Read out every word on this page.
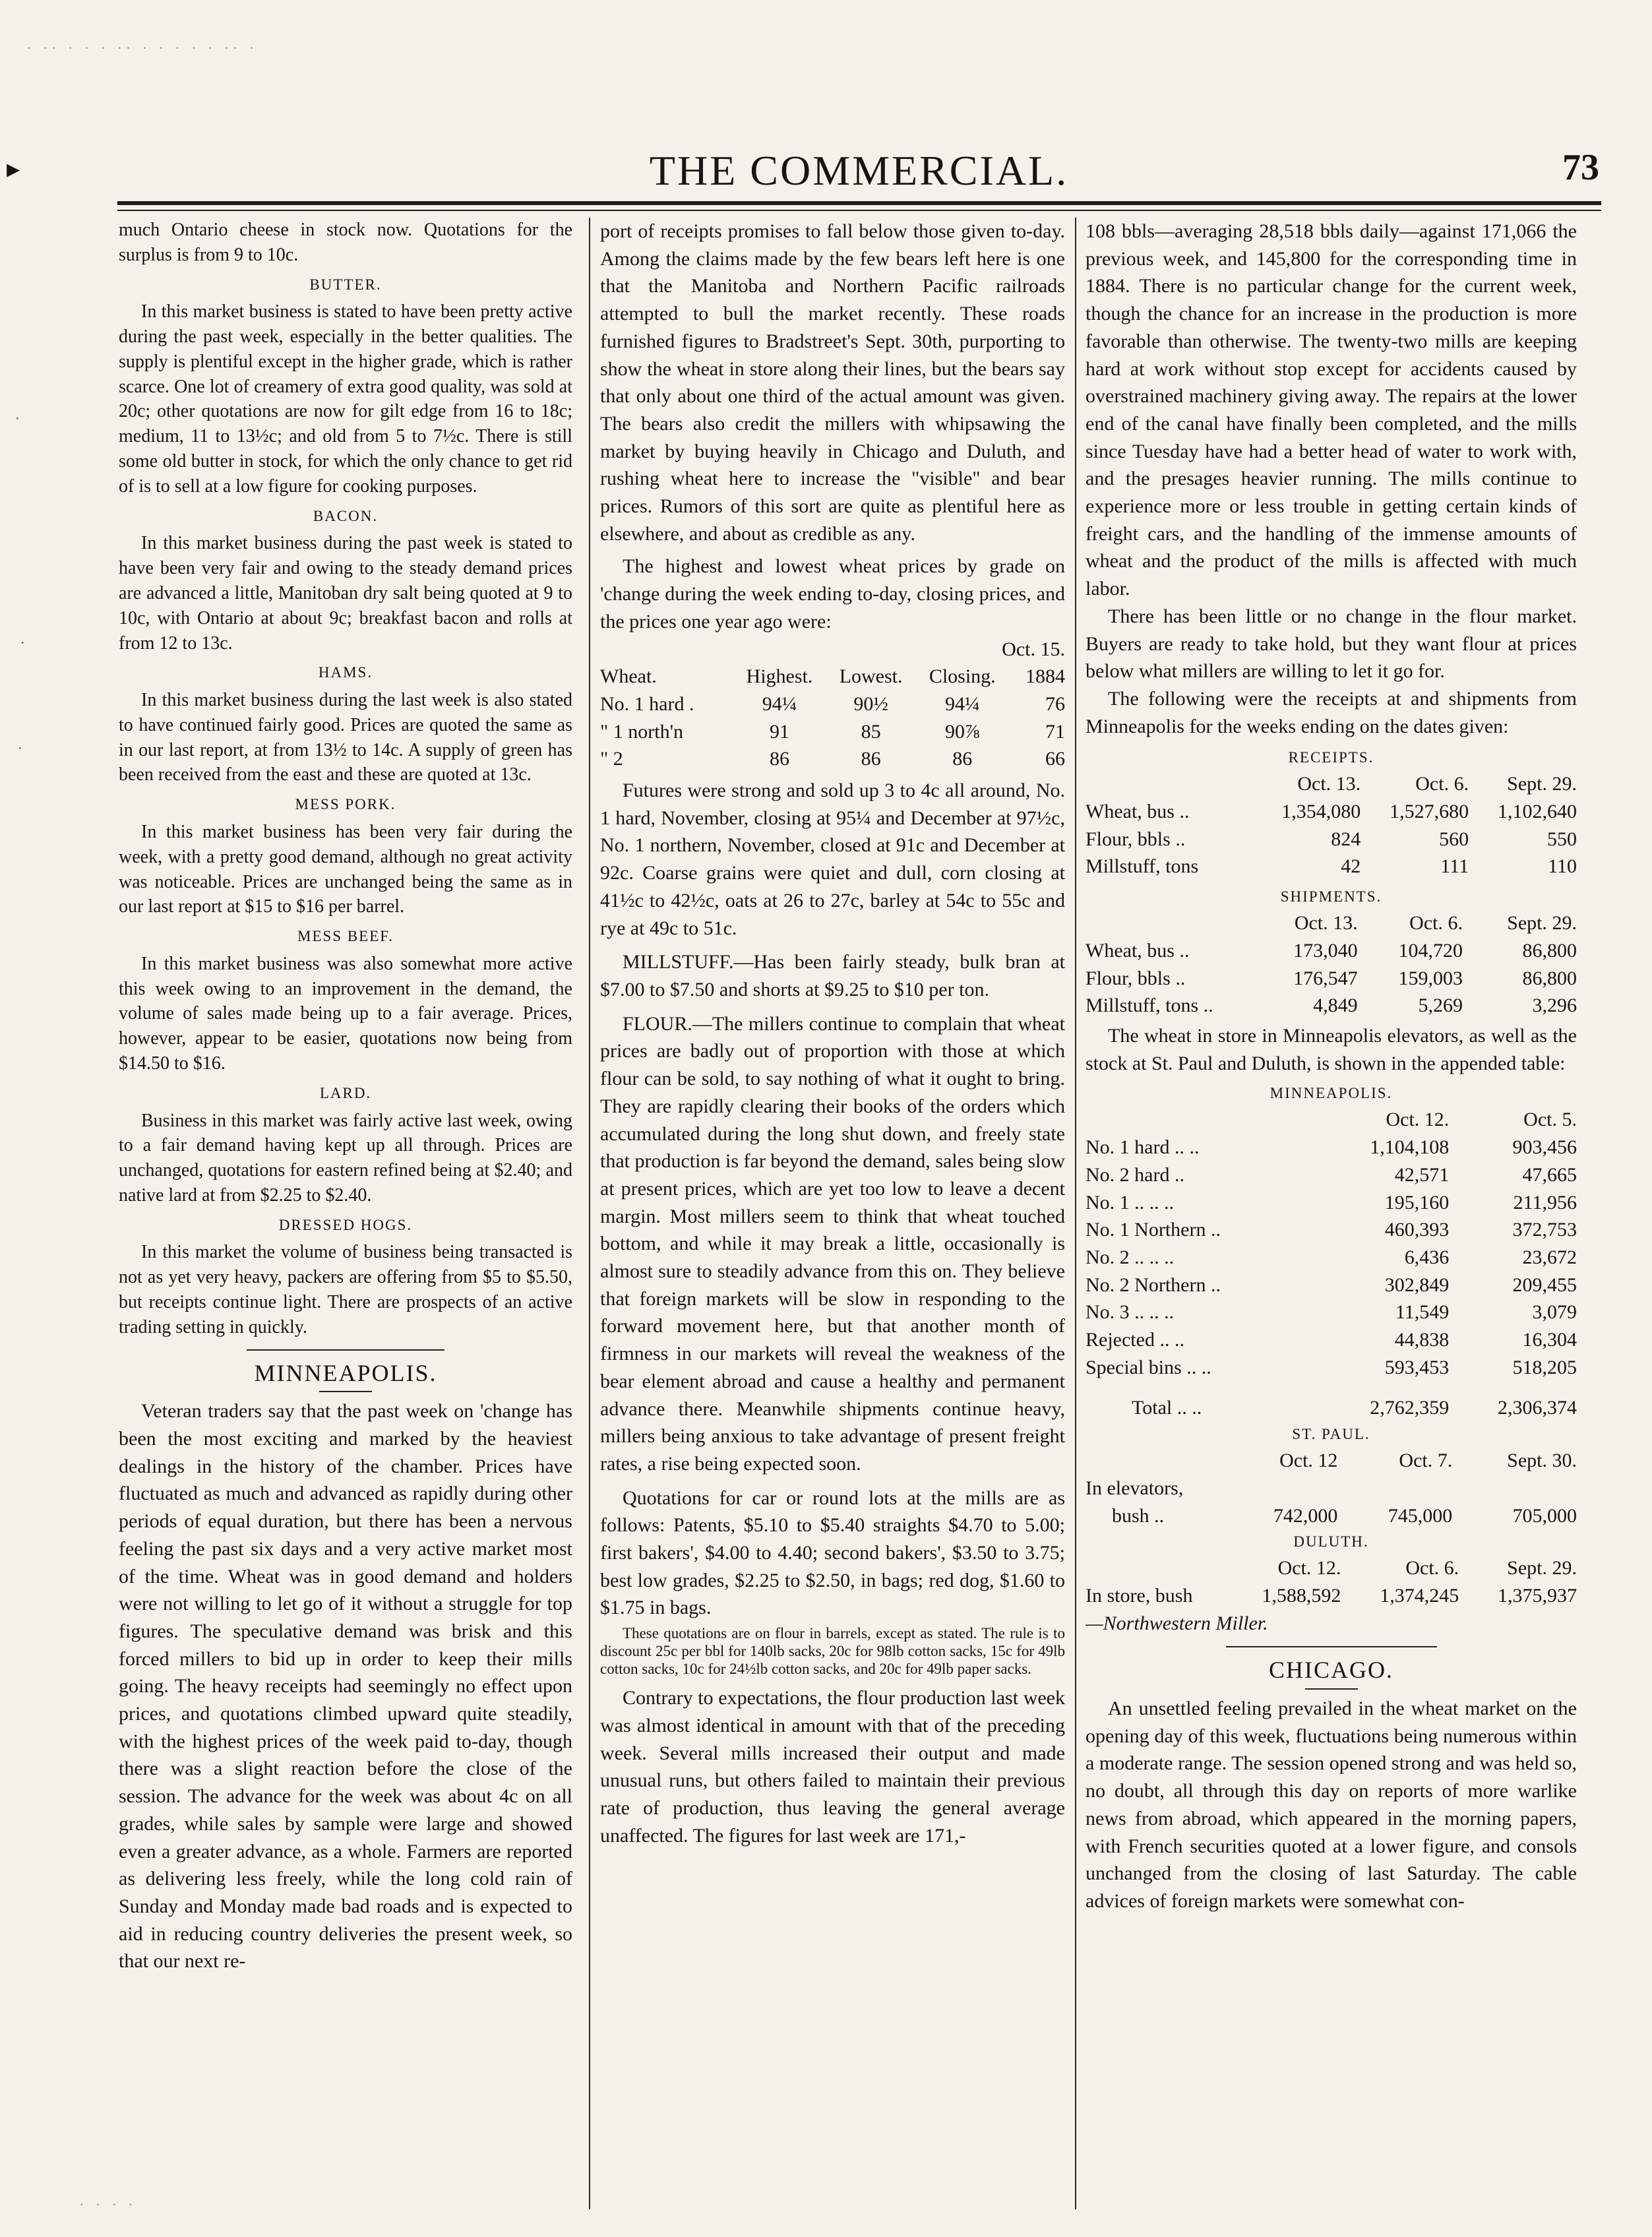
· ·· · · · ·· · · · · · ·· ·
▸	THE COMMERCIAL.	73

much Ontario cheese in stock now. Quotations for the surplus is from 9 to 10c.

BUTTER.

In this market business is stated to have been pretty active during the past week, especially in the better qualities. The supply is plentiful except in the higher grade, which is rather scarce. One lot of creamery of extra good quality, was sold at 20c; other quotations are now for gilt edge from 16 to 18c; medium, 11 to 13½c; and old from 5 to 7½c. There is still some old butter in stock, for which the only chance to get rid of is to sell at a low figure for cooking purposes.

BACON.

In this market business during the past week is stated to have been very fair and owing to the steady demand prices are advanced a little, Manitoban dry salt being quoted at 9 to 10c, with Ontario at about 9c; breakfast bacon and rolls at from 12 to 13c.

HAMS.

In this market business during the last week is also stated to have continued fairly good. Prices are quoted the same as in our last report, at from 13½ to 14c. A supply of green has been received from the east and these are quoted at 13c.

MESS PORK.

In this market business has been very fair during the week, with a pretty good demand, although no great activity was noticeable. Prices are unchanged being the same as in our last report at $15 to $16 per barrel.

MESS BEEF.

In this market business was also somewhat more active this week owing to an improvement in the demand, the volume of sales made being up to a fair average. Prices, however, appear to be easier, quotations now being from $14.50 to $16.

LARD.

Business in this market was fairly active last week, owing to a fair demand having kept up all through. Prices are unchanged, quotations for eastern refined being at $2.40; and native lard at from $2.25 to $2.40.

DRESSED HOGS.

In this market the volume of business being transacted is not as yet very heavy, packers are offering from $5 to $5.50, but receipts continue light. There are prospects of an active trading setting in quickly.

MINNEAPOLIS.

Veteran traders say that the past week on 'change has been the most exciting and marked by the heaviest dealings in the history of the chamber. Prices have fluctuated as much and advanced as rapidly during other periods of equal duration, but there has been a nervous feeling the past six days and a very active market most of the time. Wheat was in good demand and holders were not willing to let go of it without a struggle for top figures. The speculative demand was brisk and this forced millers to bid up in order to keep their mills going. The heavy receipts had seemingly no effect upon prices, and quotations climbed upward quite steadily, with the highest prices of the week paid to-day, though there was a slight reaction before the close of the session. The advance for the week was about 4c on all grades, while sales by sample were large and showed even a greater advance, as a whole. Farmers are reported as delivering less freely, while the long cold rain of Sunday and Monday made bad roads and is expected to aid in reducing country deliveries the present week, so that our next re-

port of receipts promises to fall below those given to-day. Among the claims made by the few bears left here is one that the Manitoba and Northern Pacific railroads attempted to bull the market recently. These roads furnished figures to Bradstreet's Sept. 30th, purporting to show the wheat in store along their lines, but the bears say that only about one third of the actual amount was given. The bears also credit the millers with whipsawing the market by buying heavily in Chicago and Duluth, and rushing wheat here to increase the "visible" and bear prices. Rumors of this sort are quite as plentiful here as elsewhere, and about as credible as any.

The highest and lowest wheat prices by grade on 'change during the week ending to-day, closing prices, and the prices one year ago were:

Oct. 15.				
Wheat.	Highest.	Lowest.	Closing.	1884
No. 1 hard .	94¼	90½	94¼	76
" 1 north'n	91	85	90⅞	71
" 2	86	86	86	66

Futures were strong and sold up 3 to 4c all around, No. 1 hard, November, closing at 95¼ and December at 97½c, No. 1 northern, November, closed at 91c and December at 92c. Coarse grains were quiet and dull, corn closing at 41½c to 42½c, oats at 26 to 27c, barley at 54c to 55c and rye at 49c to 51c.

MILLSTUFF.—Has been fairly steady, bulk bran at $7.00 to $7.50 and shorts at $9.25 to $10 per ton.

FLOUR.—The millers continue to complain that wheat prices are badly out of proportion with those at which flour can be sold, to say nothing of what it ought to bring. They are rapidly clearing their books of the orders which accumulated during the long shut down, and freely state that production is far beyond the demand, sales being slow at present prices, which are yet too low to leave a decent margin. Most millers seem to think that wheat touched bottom, and while it may break a little, occasionally is almost sure to steadily advance from this on. They believe that foreign markets will be slow in responding to the forward movement here, but that another month of firmness in our markets will reveal the weakness of the bear element abroad and cause a healthy and permanent advance there. Meanwhile shipments continue heavy, millers being anxious to take advantage of present freight rates, a rise being expected soon.

Quotations for car or round lots at the mills are as follows: Patents, $5.10 to $5.40 straights $4.70 to 5.00; first bakers', $4.00 to 4.40; second bakers', $3.50 to 3.75; best low grades, $2.25 to $2.50, in bags; red dog, $1.60 to $1.75 in bags.

These quotations are on flour in barrels, except as stated. The rule is to discount 25c per bbl for 140lb sacks, 20c for 98lb cotton sacks, 15c for 49lb cotton sacks, 10c for 24½lb cotton sacks, and 20c for 49lb paper sacks.

Contrary to expectations, the flour production last week was almost identical in amount with that of the preceding week. Several mills increased their output and made unusual runs, but others failed to maintain their previous rate of production, thus leaving the general average unaffected. The figures for last week are 171,-

108 bbls—averaging 28,518 bbls daily—against 171,066 the previous week, and 145,800 for the corresponding time in 1884. There is no particular change for the current week, though the chance for an increase in the production is more favorable than otherwise. The twenty-two mills are keeping hard at work without stop except for accidents caused by overstrained machinery giving away. The repairs at the lower end of the canal have finally been completed, and the mills since Tuesday have had a better head of water to work with, and the presages heavier running. The mills continue to experience more or less trouble in getting certain kinds of freight cars, and the handling of the immense amounts of wheat and the product of the mills is affected with much labor.

There has been little or no change in the flour market. Buyers are ready to take hold, but they want flour at prices below what millers are willing to let it go for.

The following were the receipts at and shipments from Minneapolis for the weeks ending on the dates given:

RECEIPTS.
	Oct. 13.	Oct. 6.	Sept. 29.
Wheat, bus ..	1,354,080	1,527,680	1,102,640
Flour, bbls ..	824	560	550
Millstuff, tons	42	111	110
SHIPMENTS.
	Oct. 13.	Oct. 6.	Sept. 29.
Wheat, bus ..	173,040	104,720	86,800
Flour, bbls ..	176,547	159,003	86,800
Millstuff, tons ..	4,849	5,269	3,296

The wheat in store in Minneapolis elevators, as well as the stock at St. Paul and Duluth, is shown in the appended table:

MINNEAPOLIS.
	Oct. 12.	Oct. 5.
No. 1 hard .. ..	1,104,108	903,456
No. 2 hard ..	42,571	47,665
No. 1 .. .. ..	195,160	211,956
No. 1 Northern ..	460,393	372,753
No. 2 .. .. ..	6,436	23,672
No. 2 Northern ..	302,849	209,455
No. 3 .. .. ..	11,549	3,079
Rejected .. ..	44,838	16,304
Special bins .. ..	593,453	518,205

Total .. ..	2,762,359	2,306,374
ST. PAUL.
	Oct. 12	Oct. 7.	Sept. 30.
In elevators,			
bush ..	742,000	745,000	705,000
DULUTH.
	Oct. 12.	Oct. 6.	Sept. 29.
In store, bush	1,588,592	1,374,245	1,375,937

—Northwestern Miller.

CHICAGO.

An unsettled feeling prevailed in the wheat market on the opening day of this week, fluctuations being numerous within a moderate range. The session opened strong and was held so, no doubt, all through this day on reports of more warlike news from abroad, which appeared in the morning papers, with French securities quoted at a lower figure, and consols unchanged from the closing of last Saturday. The cable advices of foreign markets were somewhat con-

·
·
·
· · · ·
